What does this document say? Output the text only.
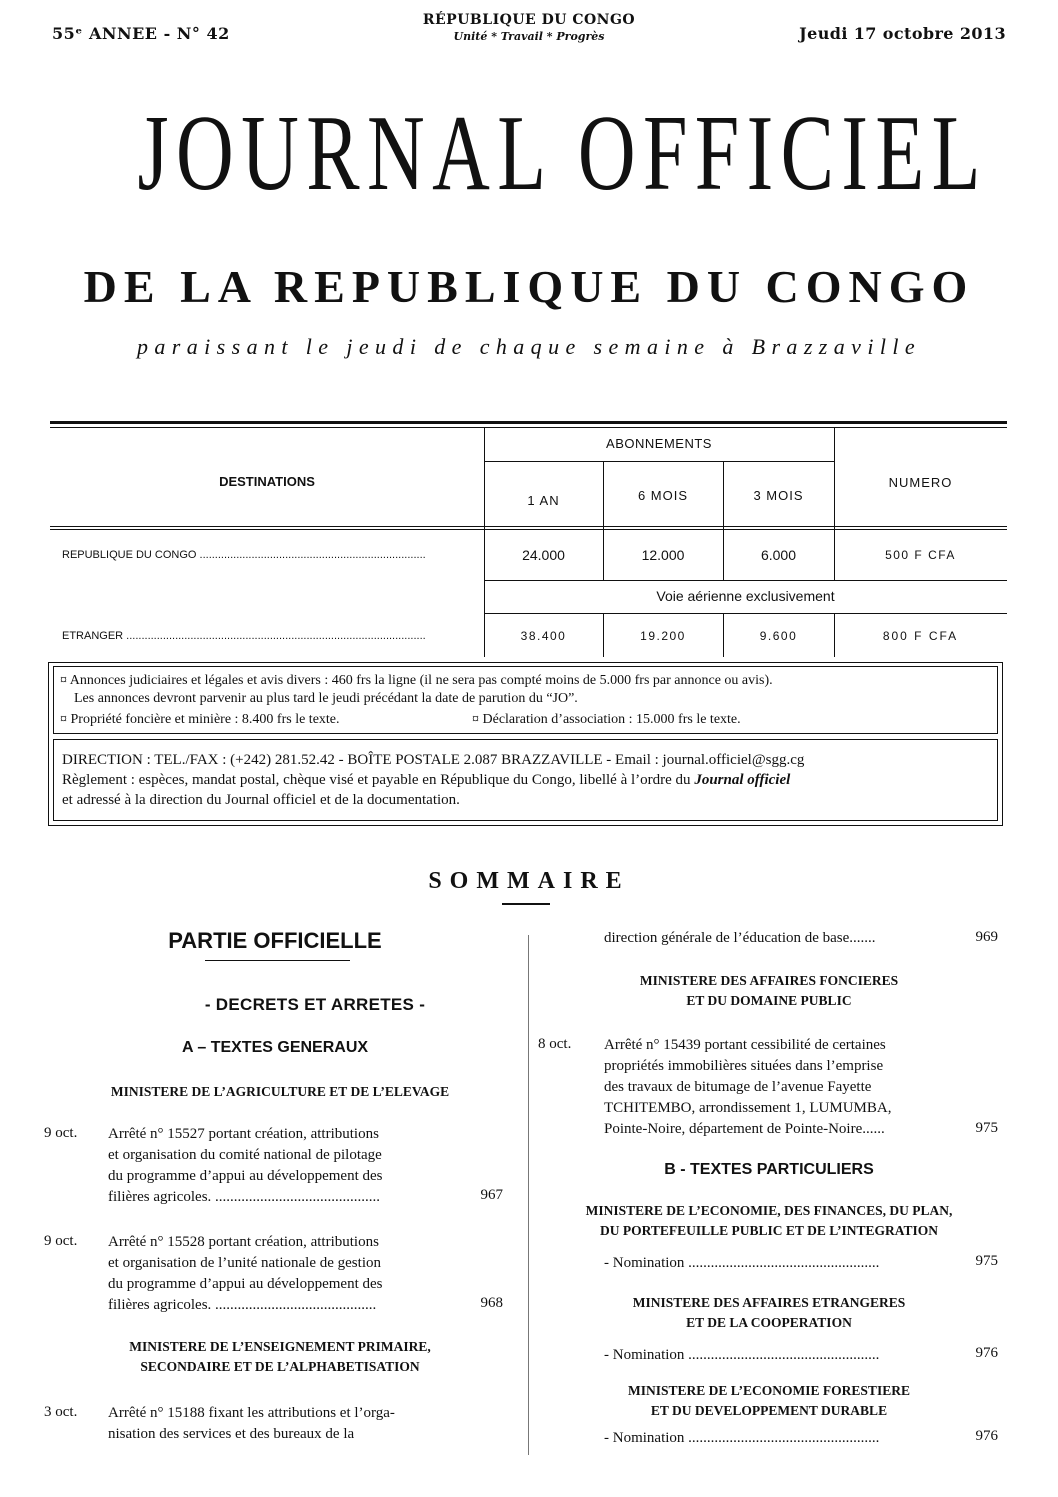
55ᵉ ANNEE - N° 42
RÉPUBLIQUE DU CONGO
Unité * Travail * Progrès	Jeudi 17 octobre 2013
JOURNAL OFFICIEL
DE LA REPUBLIQUE DU CONGO
paraissant le jeudi de chaque semaine à Brazzaville
DESTINATIONS
ABONNEMENTS
1 AN	6 MOIS	3 MOIS
NUMERO
REPUBLIQUE DU CONGO ..........................................................................	24.000	12.000	6.000	500 F CFA
Voie aérienne exclusivement
ETRANGER ..................................................................................................	38.400	19.200	9.600	800 F CFA
¤ Annonces judiciaires et légales et avis divers : 460 frs la ligne (il ne sera pas compté moins de 5.000 frs par annonce ou avis).
Les annonces devront parvenir au plus tard le jeudi précédant la date de parution du “JO”.
¤ Propriété foncière et minière : 8.400 frs le texte.	¤ Déclaration d’association : 15.000 frs le texte.
DIRECTION : TEL./FAX : (+242) 281.52.42 - BOÎTE POSTALE 2.087 BRAZZAVILLE - Email : journal.officiel@sgg.cg
Règlement : espèces, mandat postal, chèque visé et payable en République du Congo, libellé à l’ordre du Journal officiel
et adressé à la direction du Journal officiel et de la documentation.
SOMMAIRE
PARTIE OFFICIELLE
- DECRETS ET ARRETES -
A – TEXTES GENERAUX
MINISTERE DE L’AGRICULTURE ET DE L’ELEVAGE
9 oct. Arrêté n° 15527 portant création, attributions
et organisation du comité national de pilotage
du programme d’appui au développement des
filières agricoles. ............................................	967
9 oct. Arrêté n° 15528 portant création, attributions
et organisation de l’unité nationale de gestion
du programme d’appui au développement des
filières agricoles. ...........................................	968
MINISTERE DE L’ENSEIGNEMENT PRIMAIRE,
SECONDAIRE ET DE L’ALPHABETISATION
3 oct. Arrêté n° 15188 fixant les attributions et l’orga-
nisation des services et des bureaux de la
direction générale de l’éducation de base.......	969
MINISTERE DES AFFAIRES FONCIERES
ET DU DOMAINE PUBLIC
8 oct. Arrêté n° 15439 portant cessibilité de certaines
propriétés immobilières situées dans l’emprise
des travaux de bitumage de l’avenue Fayette
TCHITEMBO, arrondissement 1, LUMUMBA,
Pointe-Noire, département de Pointe-Noire......	975
B - TEXTES PARTICULIERS
MINISTERE DE L’ECONOMIE, DES FINANCES, DU PLAN,
DU PORTEFEUILLE PUBLIC ET DE L’INTEGRATION
- Nomination ...................................................	975
MINISTERE DES AFFAIRES ETRANGERES
ET DE LA COOPERATION
- Nomination ...................................................	976
MINISTERE DE L’ECONOMIE FORESTIERE
ET DU DEVELOPPEMENT DURABLE
- Nomination ...................................................	976
